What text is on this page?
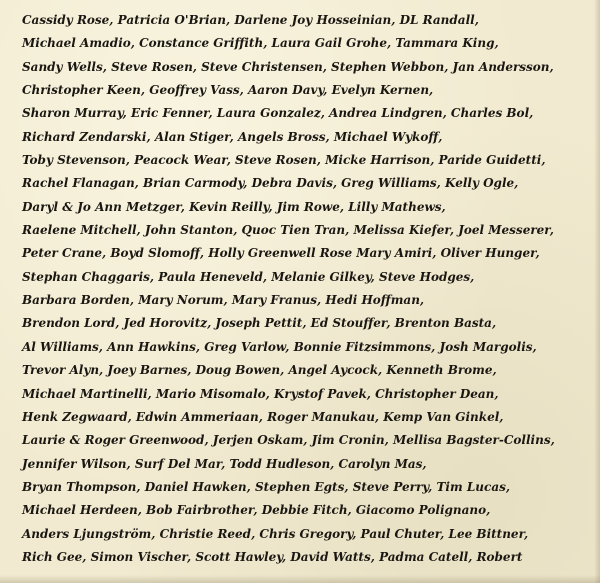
Cassidy Rose, Patricia O'Brian, Darlene Joy Hosseinian, DL Randall,
Michael Amadio, Constance Griffith, Laura Gail Grohe, Tammara King,
Sandy Wells, Steve Rosen, Steve Christensen, Stephen Webbon, Jan Andersson,
Christopher Keen, Geoffrey Vass, Aaron Davy, Evelyn Kernen,
Sharon Murray, Eric Fenner, Laura Gonzalez, Andrea Lindgren, Charles Bol,
Richard Zendarski, Alan Stiger, Angels Bross, Michael Wykoff,
Toby Stevenson, Peacock Wear, Steve Rosen, Micke Harrison, Paride Guidetti,
Rachel Flanagan, Brian Carmody, Debra Davis, Greg Williams, Kelly Ogle,
Daryl & Jo Ann Metzger, Kevin Reilly, Jim Rowe, Lilly Mathews,
Raelene Mitchell, John Stanton, Quoc Tien Tran, Melissa Kiefer, Joel Messerer,
Peter Crane, Boyd Slomoff, Holly Greenwell Rose Mary Amiri, Oliver Hunger,
Stephan Chaggaris, Paula Heneveld, Melanie Gilkey, Steve Hodges,
Barbara Borden, Mary Norum, Mary Franus, Hedi Hoffman,
Brendon Lord, Jed Horovitz, Joseph Pettit, Ed Stouffer, Brenton Basta,
Al Williams, Ann Hawkins, Greg Varlow, Bonnie Fitzsimmons, Josh Margolis,
Trevor Alyn, Joey Barnes, Doug Bowen, Angel Aycock, Kenneth Brome,
Michael Martinelli, Mario Misomalo, Krystof Pavek, Christopher Dean,
Henk Zegwaard, Edwin Ammeriaan, Roger Manukau, Kemp Van Ginkel,
Laurie & Roger Greenwood, Jerjen Oskam, Jim Cronin, Mellisa Bagster-Collins,
Jennifer Wilson, Surf Del Mar, Todd Hudleson, Carolyn Mas,
Bryan Thompson, Daniel Hawken, Stephen Egts, Steve Perry, Tim Lucas,
Michael Herdeen, Bob Fairbrother, Debbie Fitch, Giacomo Polignano,
Anders Ljungström, Christie Reed, Chris Gregory, Paul Chuter, Lee Bittner,
Rich Gee, Simon Vischer, Scott Hawley, David Watts, Padma Catell, Robert
